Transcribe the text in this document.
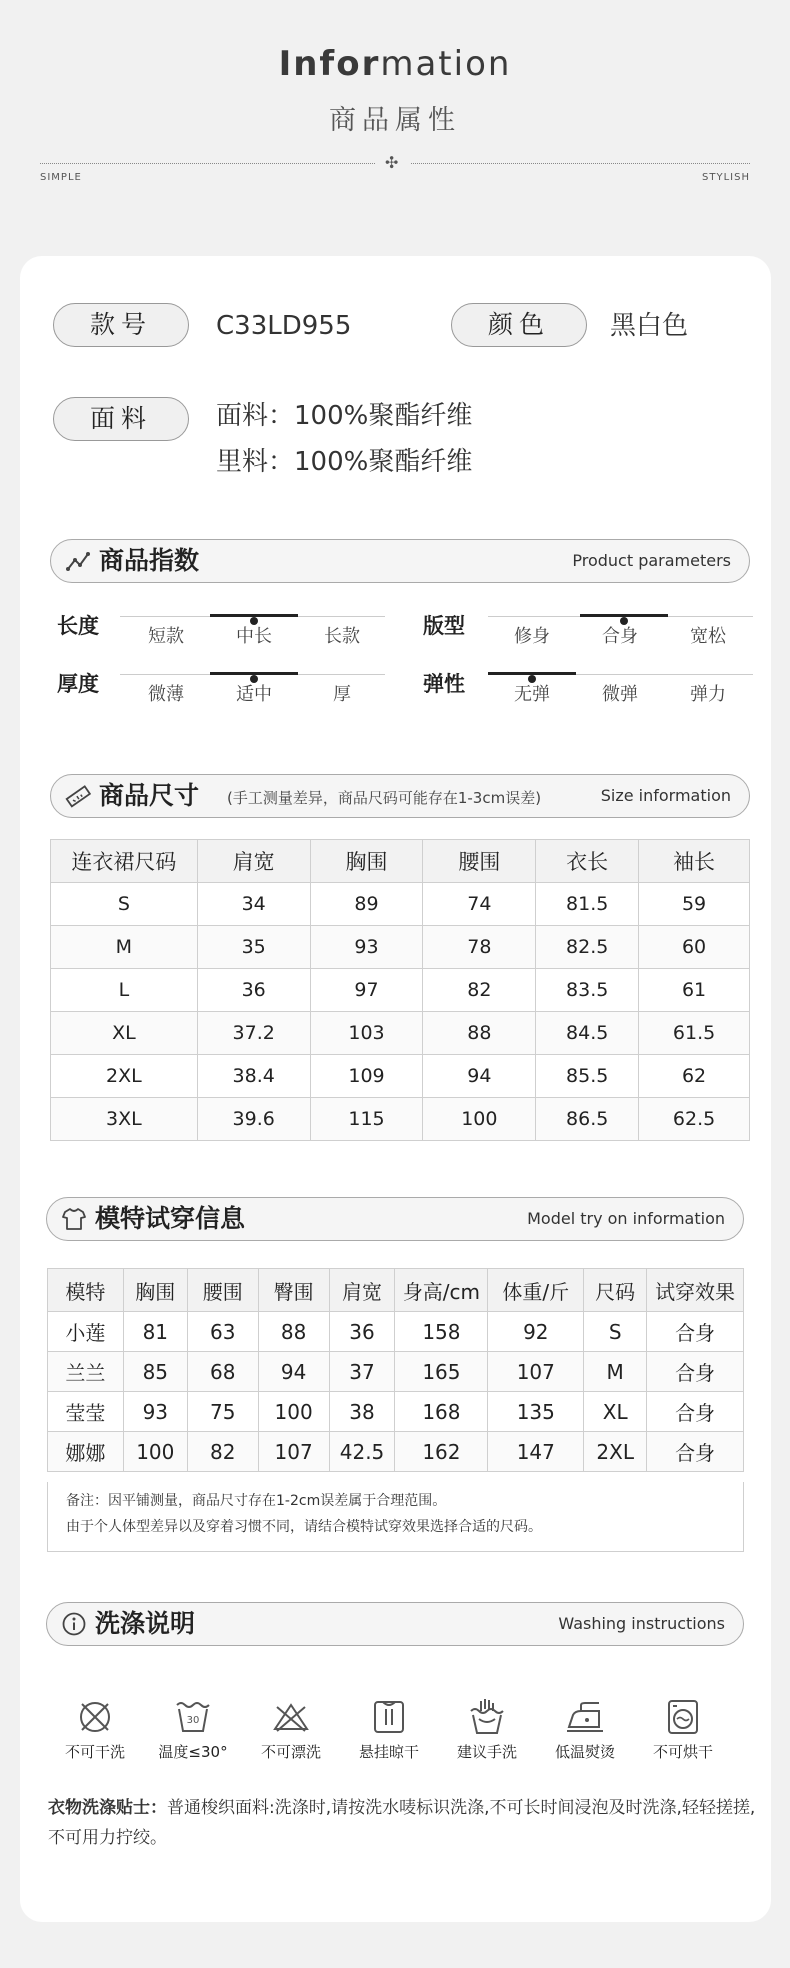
Information
商品属性
✣
SIMPLE	STYLISH
款号	C33LD955	颜色	黑白色
面料	面料：100%聚酯纤维
里料：100%聚酯纤维
商品指数	Product parameters
长度	短款	中长	长款	版型	修身	合身	宽松
厚度	微薄	适中	厚	弹性	无弹	微弹	弹力
商品尺寸 (手工测量差异，商品尺码可能存在1-3cm误差)	Size information
连衣裙尺码	肩宽	胸围	腰围	衣长	袖长
S	34	89	74	81.5	59
M	35	93	78	82.5	60
L	36	97	82	83.5	61
XL	37.2	103	88	84.5	61.5
2XL	38.4	109	94	85.5	62
3XL	39.6	115	100	86.5	62.5
模特试穿信息	Model try on information
模特	胸围	腰围	臀围	肩宽	身高/cm	体重/斤	尺码	试穿效果
小莲	81	63	88	36	158	92	S	合身
兰兰	85	68	94	37	165	107	M	合身
莹莹	93	75	100	38	168	135	XL	合身
娜娜	100	82	107	42.5	162	147	2XL	合身
备注：因平铺测量，商品尺寸存在1-2cm误差属于合理范围。
由于个人体型差异以及穿着习惯不同，请结合模特试穿效果选择合适的尺码。
洗涤说明	Washing instructions
不可干洗
30
温度≤30°	不可漂洗	悬挂晾干	建议手洗	低温熨烫	不可烘干
衣物洗涤贴士：普通梭织面料:洗涤时,请按洗水唛标识洗涤,不可长时间浸泡及时洗涤,轻轻搓搓,不可用力拧绞。
